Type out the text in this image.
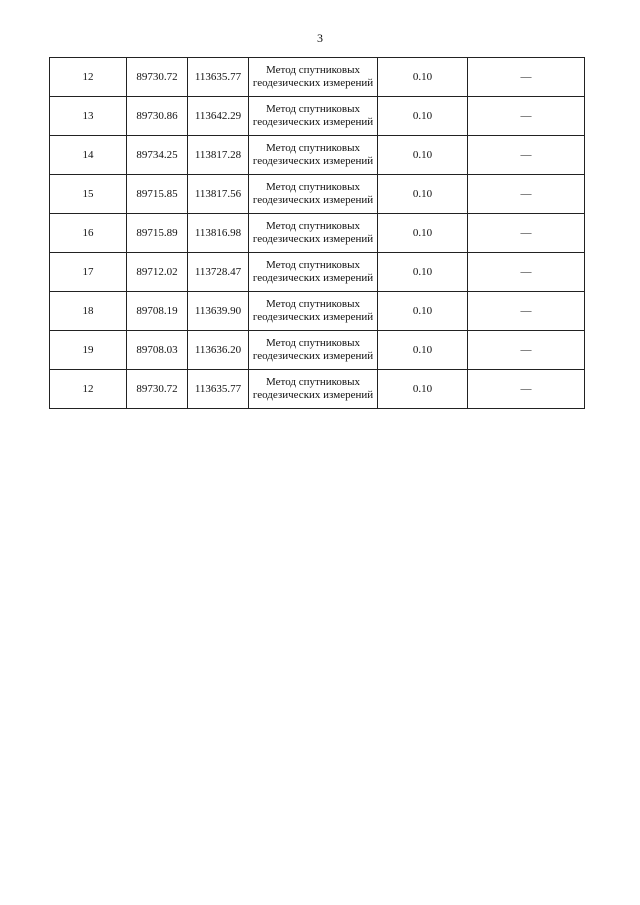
3
12	89730.72	113635.77	Метод спутниковых
геодезических измерений	0.10	—
13	89730.86	113642.29	Метод спутниковых
геодезических измерений	0.10	—
14	89734.25	113817.28	Метод спутниковых
геодезических измерений	0.10	—
15	89715.85	113817.56	Метод спутниковых
геодезических измерений	0.10	—
16	89715.89	113816.98	Метод спутниковых
геодезических измерений	0.10	—
17	89712.02	113728.47	Метод спутниковых
геодезических измерений	0.10	—
18	89708.19	113639.90	Метод спутниковых
геодезических измерений	0.10	—
19	89708.03	113636.20	Метод спутниковых
геодезических измерений	0.10	—
12	89730.72	113635.77	Метод спутниковых
геодезических измерений	0.10	—
